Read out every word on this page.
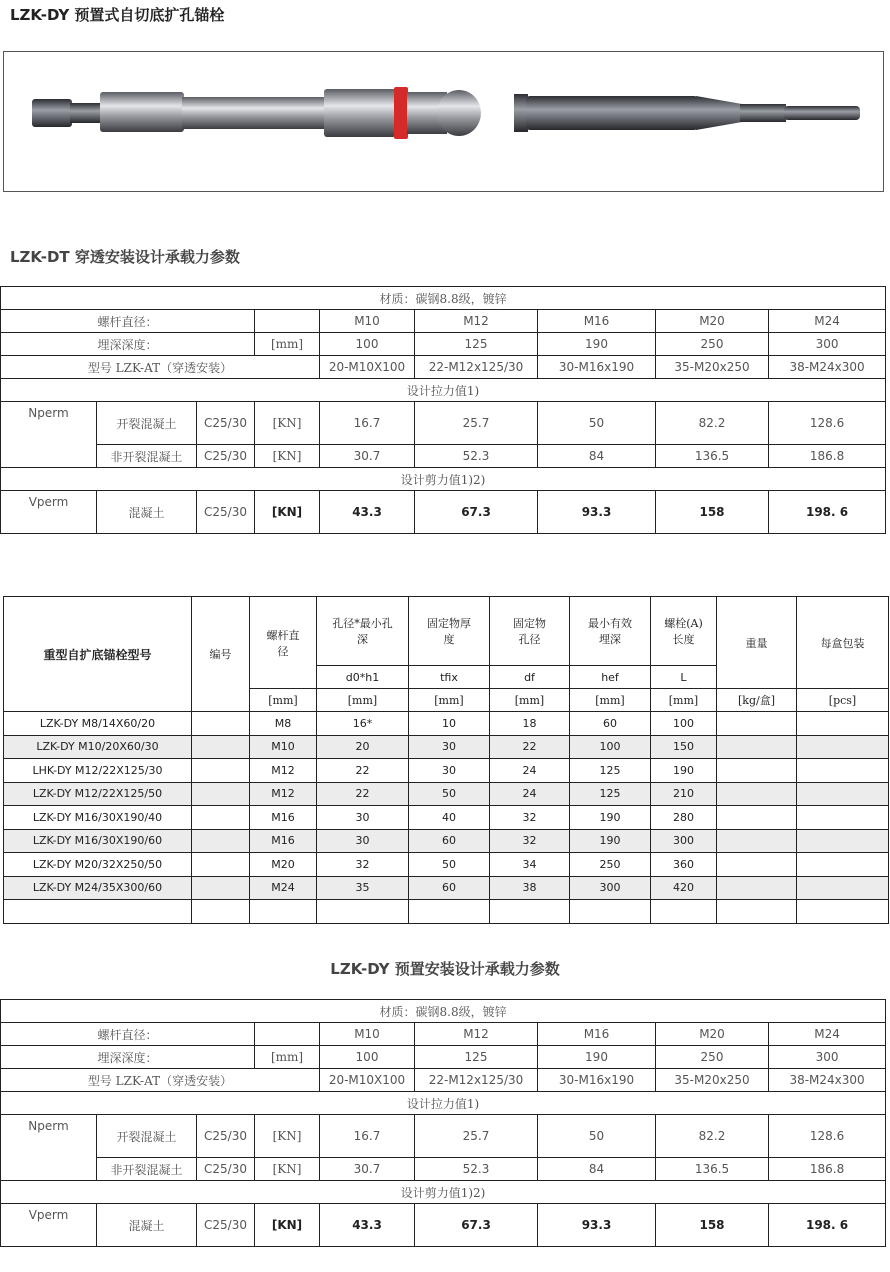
LZK-DY 预置式自切底扩孔锚栓
LZK-DT 穿透安装设计承载力参数
材质：碳钢8.8级，镀锌								
螺杆直径：				M10	M12	M16	M20	M24
埋深深度：			[mm]	100	125	190	250	300
型号 LZK-AT（穿透安装）				20-M10X100	22-M12x125/30	30-M16x190	35-M20x250	38-M24x300
设计拉力值1)								
Nperm	开裂混凝土	C25/30	[KN]	16.7	25.7	50	82.2	128.6
	非开裂混凝土	C25/30	[KN]	30.7	52.3	84	136.5	186.8
设计剪力值1)2)								
Vperm	混凝土	C25/30	[KN]	43.3	67.3	93.3	158	198. 6
重型自扩底锚栓型号	编号	螺杆直径	孔径*最小孔深	固定物厚度	固定物孔径	最小有效埋深	螺栓(A)长度	重量	每盒包装
			d0*h1	tfix	df	hef	L		
		[mm]	[mm]	[mm]	[mm]	[mm]	[mm]	[kg/盒]	[pcs]
LZK-DY M8/14X60/20		M8	16*	10	18	60	100		
LZK-DY M10/20X60/30		M10	20	30	22	100	150		
LHK-DY M12/22X125/30		M12	22	30	24	125	190		
LZK-DY M12/22X125/50		M12	22	50	24	125	210		
LZK-DY M16/30X190/40		M16	30	40	32	190	280		
LZK-DY M16/30X190/60		M16	30	60	32	190	300		
LZK-DY M20/32X250/50		M20	32	50	34	250	360		
LZK-DY M24/35X300/60		M24	35	60	38	300	420		

LZK-DY 预置安装设计承载力参数
材质：碳钢8.8级，镀锌								
螺杆直径：				M10	M12	M16	M20	M24
埋深深度：			[mm]	100	125	190	250	300
型号 LZK-AT（穿透安装）				20-M10X100	22-M12x125/30	30-M16x190	35-M20x250	38-M24x300
设计拉力值1)								
Nperm	开裂混凝土	C25/30	[KN]	16.7	25.7	50	82.2	128.6
	非开裂混凝土	C25/30	[KN]	30.7	52.3	84	136.5	186.8
设计剪力值1)2)								
Vperm	混凝土	C25/30	[KN]	43.3	67.3	93.3	158	198. 6
